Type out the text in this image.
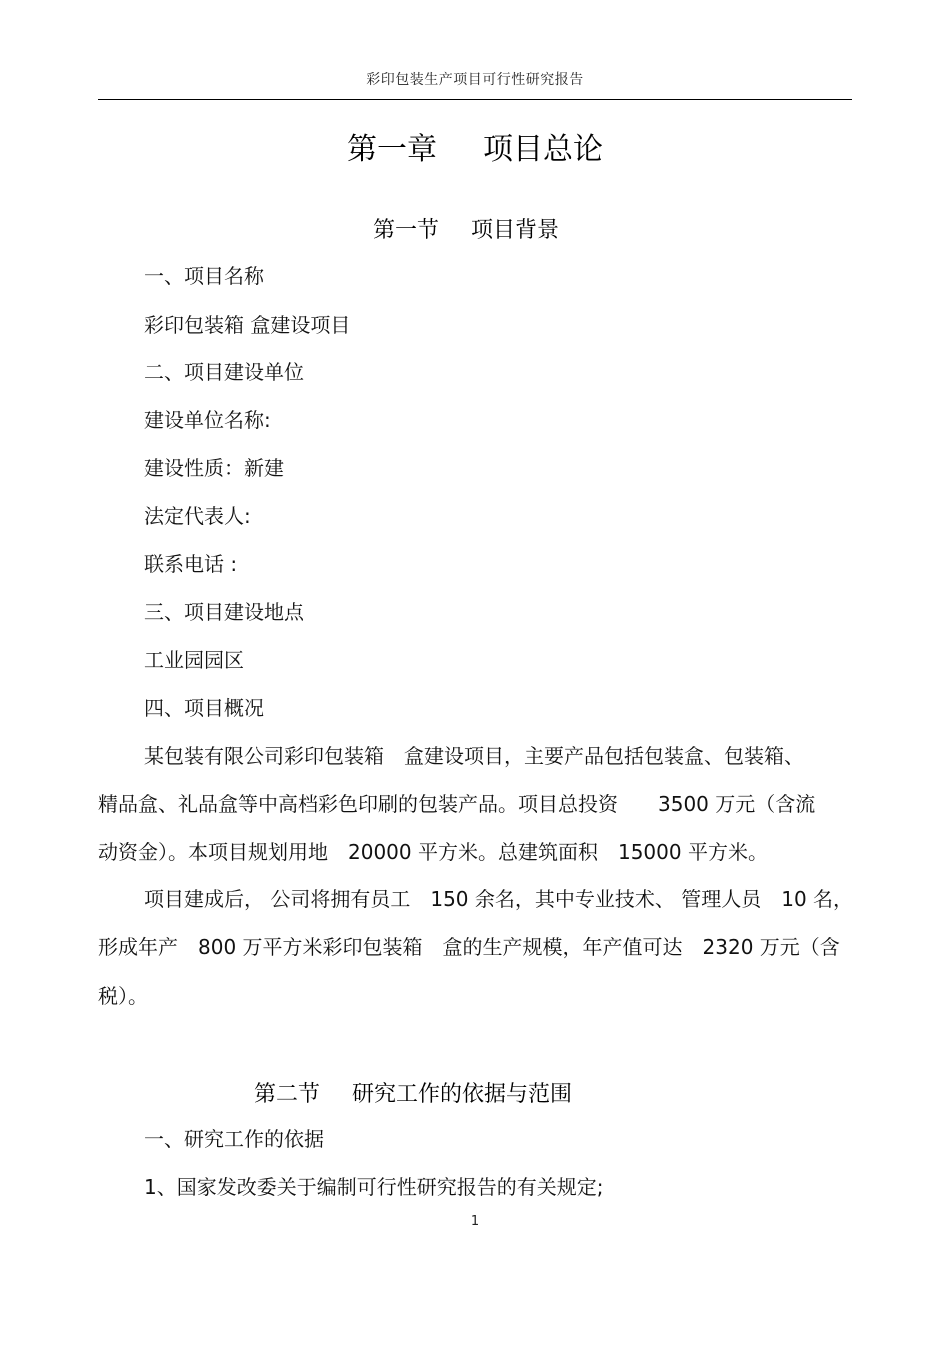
彩印包装生产项目可行性研究报告
第一章 项目总论
第一节 项目背景
一、项目名称
彩印包装箱 盒建设项目
二、项目建设单位
建设单位名称:
建设性质：新建
法定代表人:
联系电话 :
三、项目建设地点
工业园园区
四、项目概况
某包装有限公司彩印包装箱　盒建设项目，主要产品包括包装盒、包装箱、
精品盒、礼品盒等中高档彩色印刷的包装产品。项目总投资　　3500 万元（含流
动资金）。本项目规划用地　20000 平方米。总建筑面积　15000 平方米。
项目建成后， 公司将拥有员工　150 余名，其中专业技术、 管理人员　10 名，
形成年产　800 万平方米彩印包装箱　盒的生产规模，年产值可达　2320 万元（含
税）。
第二节 研究工作的依据与范围
一、研究工作的依据
1、国家发改委关于编制可行性研究报告的有关规定;
1
